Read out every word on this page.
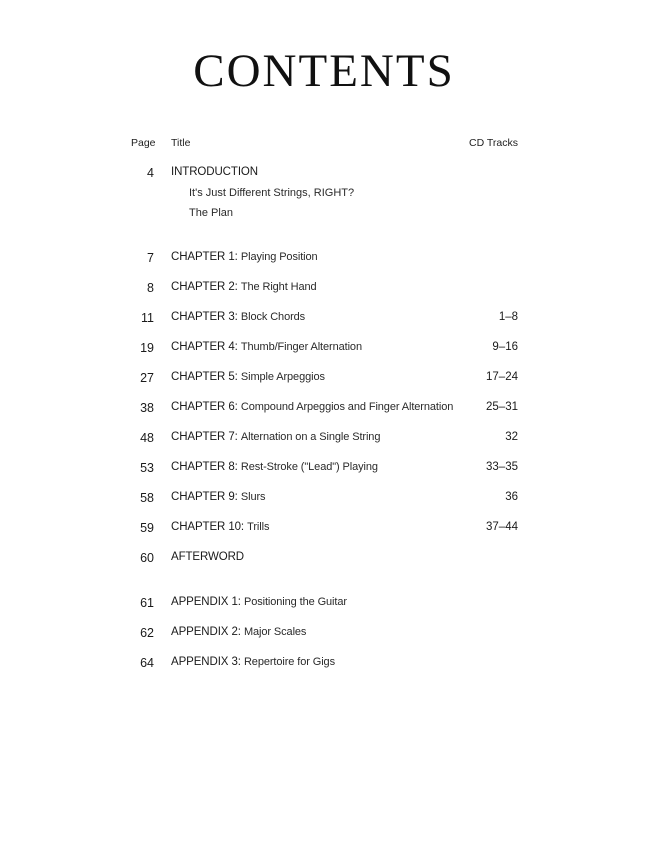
CONTENTS
Page Title	CD Tracks
4 INTRODUCTION
It's Just Different Strings, RIGHT?
The Plan
7 CHAPTER 1: Playing Position
8 CHAPTER 2: The Right Hand
11 CHAPTER 3: Block Chords	1–8
19 CHAPTER 4: Thumb/Finger Alternation	9–16
27 CHAPTER 5: Simple Arpeggios	17–24
38 CHAPTER 6: Compound Arpeggios and Finger Alternation	25–31
48 CHAPTER 7: Alternation on a Single String	32
53 CHAPTER 8: Rest-Stroke ("Lead") Playing	33–35
58 CHAPTER 9: Slurs	36
59 CHAPTER 10: Trills	37–44
60 AFTERWORD
61 APPENDIX 1: Positioning the Guitar
62 APPENDIX 2: Major Scales
64 APPENDIX 3: Repertoire for Gigs
